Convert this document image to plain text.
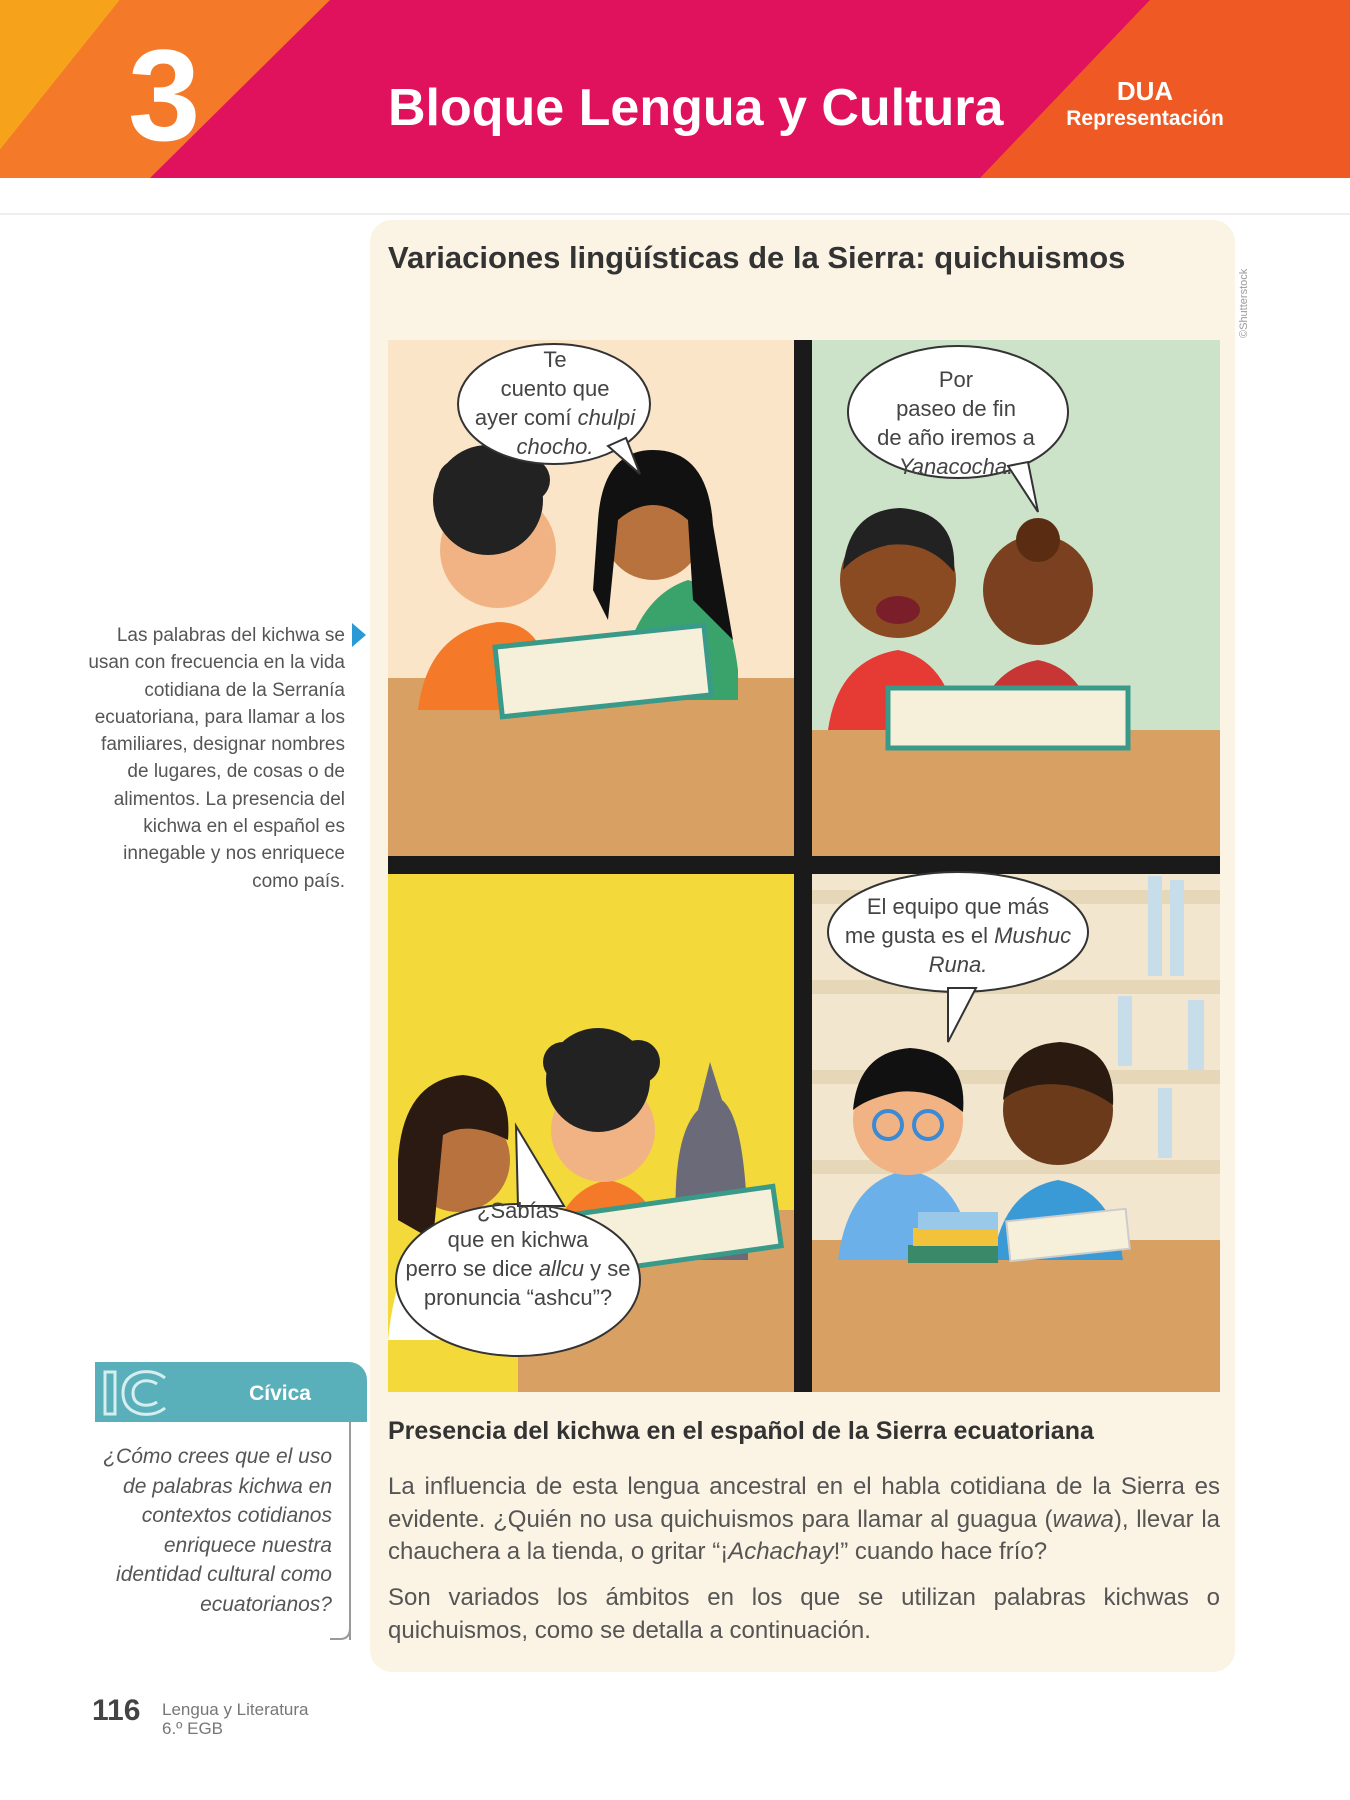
3	Bloque Lengua y Cultura	DUA
Representación
Variaciones lingüísticas de la Sierra: quichuismos
©Shutterstock
Te
cuento que
ayer comí chulpi
chocho.
Por
paseo de fin
de año iremos a
Yanacocha.
¿Sabías
que en kichwa
perro se dice allcu y se
pronuncia “ashcu”?
El equipo que más
me gusta es el Mushuc
Runa.
Las palabras del kichwa se usan con frecuencia en la vida cotidiana de la Serranía ecuatoriana, para llamar a los familiares, designar nombres de lugares, de cosas o de alimentos. La presencia del kichwa en el español es innegable y nos enriquece como país.
Cívica
¿Cómo crees que el uso de palabras kichwa en contextos cotidianos enriquece nuestra identidad cultural como ecuatorianos?
Presencia del kichwa en el español de la Sierra ecuatoriana
La influencia de esta lengua ancestral en el habla cotidiana de la Sierra es evidente. ¿Quién no usa quichuismos para llamar al guagua (wawa), llevar la chauchera a la tienda, o gritar “¡Achachay!” cuando hace frío?
Son variados los ámbitos en los que se utilizan palabras kichwas o quichuismos, como se detalla a continuación.
116 Lengua y Literatura
6.º EGB
